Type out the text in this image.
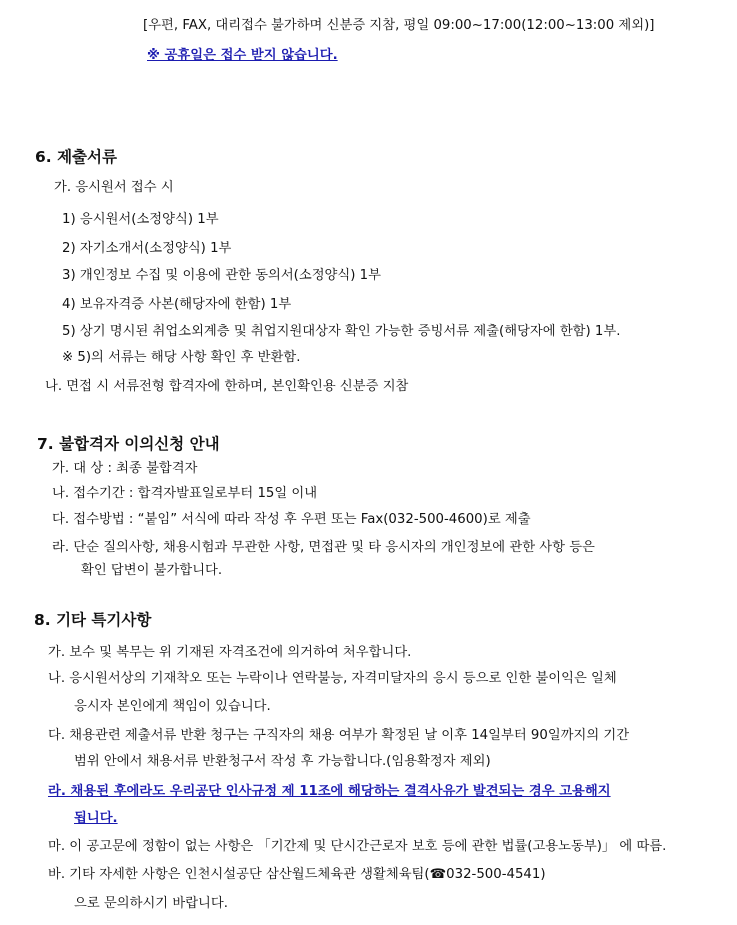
[우편, FAX, 대리접수 불가하며 신분증 지참, 평일 09:00~17:00(12:00~13:00 제외)]
※ 공휴일은 접수 받지 않습니다.
6. 제출서류
가. 응시원서 접수 시
1) 응시원서(소정양식) 1부
2) 자기소개서(소정양식) 1부
3) 개인정보 수집 및 이용에 관한 동의서(소정양식) 1부
4) 보유자격증 사본(해당자에 한함) 1부
5) 상기 명시된 취업소외계층 및 취업지원대상자 확인 가능한 증빙서류 제출(해당자에 한함) 1부.
※ 5)의 서류는 해당 사항 확인 후 반환함.
나. 면접 시 서류전형 합격자에 한하며, 본인확인용 신분증 지참
7. 불합격자 이의신청 안내
가. 대 상 : 최종 불합격자
나. 접수기간 : 합격자발표일로부터 15일 이내
다. 접수방법 : “붙임” 서식에 따라 작성 후 우편 또는 Fax(032-500-4600)로 제출
라. 단순 질의사항, 채용시험과 무관한 사항, 면접관 및 타 응시자의 개인정보에 관한 사항 등은
확인 답변이 불가합니다.
8. 기타 특기사항
가. 보수 및 복무는 위 기재된 자격조건에 의거하여 처우합니다.
나. 응시원서상의 기재착오 또는 누락이나 연락불능, 자격미달자의 응시 등으로 인한 불이익은 일체
응시자 본인에게 책임이 있습니다.
다. 채용관련 제출서류 반환 청구는 구직자의 채용 여부가 확정된 날 이후 14일부터 90일까지의 기간
범위 안에서 채용서류 반환청구서 작성 후 가능합니다.(임용확정자 제외)
라. 채용된 후에라도 우리공단 인사규정 제 11조에 해당하는 결격사유가 발견되는 경우 고용해지
됩니다.
마. 이 공고문에 정함이 없는 사항은 「기간제 및 단시간근로자 보호 등에 관한 법률(고용노동부)」 에 따름.
바. 기타 자세한 사항은 인천시설공단 삼산월드체육관 생활체육팀(☎032-500-4541)
으로 문의하시기 바랍니다.
